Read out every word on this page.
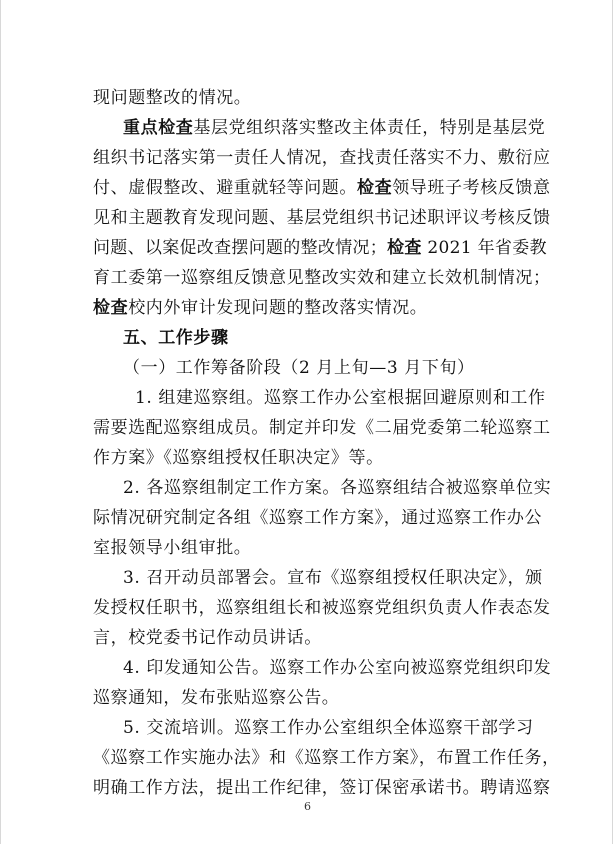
现问题整改的情况。
重点检查基层党组织落实整改主体责任，特别是基层党
组织书记落实第一责任人情况，查找责任落实不力、敷衍应
付、虚假整改、避重就轻等问题。检查领导班子考核反馈意
见和主题教育发现问题、基层党组织书记述职评议考核反馈
问题、以案促改查摆问题的整改情况；检查 2021 年省委教
育工委第一巡察组反馈意见整改实效和建立长效机制情况；
检查校内外审计发现问题的整改落实情况。
五、工作步骤
（一）工作筹备阶段（2 月上旬—3 月下旬）
1. 组建巡察组。巡察工作办公室根据回避原则和工作
需要选配巡察组成员。制定并印发《二届党委第二轮巡察工
作方案》《巡察组授权任职决定》等。
2. 各巡察组制定工作方案。各巡察组结合被巡察单位实
际情况研究制定各组《巡察工作方案》，通过巡察工作办公
室报领导小组审批。
3. 召开动员部署会。宣布《巡察组授权任职决定》，颁
发授权任职书，巡察组组长和被巡察党组织负责人作表态发
言，校党委书记作动员讲话。
4. 印发通知公告。巡察工作办公室向被巡察党组织印发
巡察通知，发布张贴巡察公告。
5. 交流培训。巡察工作办公室组织全体巡察干部学习
《巡察工作实施办法》和《巡察工作方案》，布置工作任务，
明确工作方法，提出工作纪律，签订保密承诺书。聘请巡察
6
